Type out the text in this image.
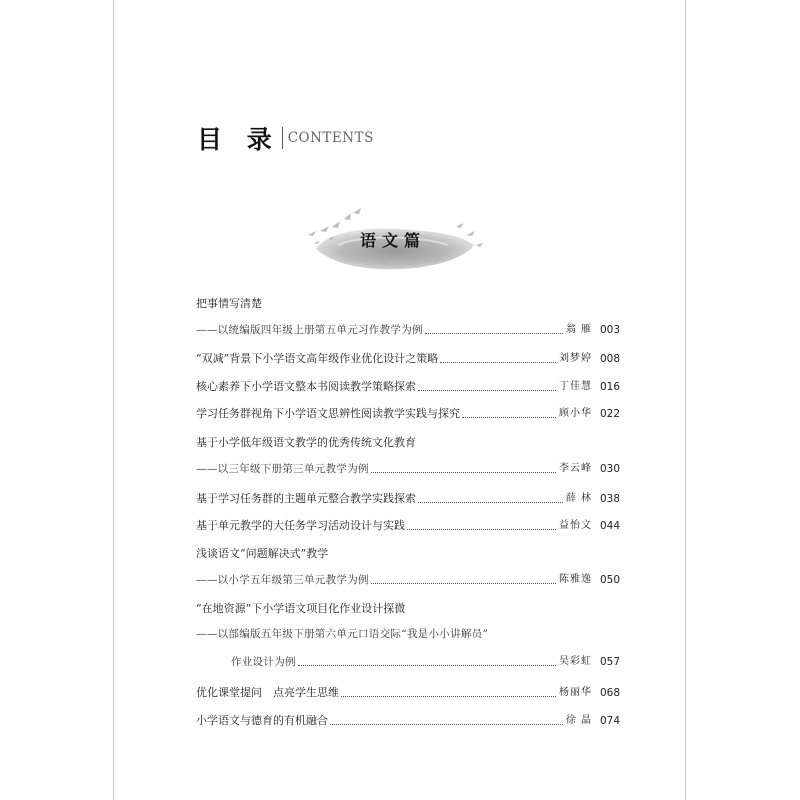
目 录 CONTENTS
语文篇
把事情写清楚
——以统编版四年级上册第五单元习作教学为例	翁 雁 003
“双减”背景下小学语文高年级作业优化设计之策略	刘梦婷 008
核心素养下小学语文整本书阅读教学策略探索	丁佳慧 016
学习任务群视角下小学语文思辨性阅读教学实践与探究	顾小华 022
基于小学低年级语文教学的优秀传统文化教育
——以三年级下册第三单元教学为例	李云峰 030
基于学习任务群的主题单元整合教学实践探索	薛 林 038
基于单元教学的大任务学习活动设计与实践	益怡文 044
浅谈语文“问题解决式”教学
——以小学五年级第三单元教学为例	陈雅逸 050
“在地资源”下小学语文项目化作业设计探微
——以部编版五年级下册第六单元口语交际“我是小小讲解员”
作业设计为例	吴彩虹 057
优化课堂提问　点亮学生思维	杨丽华 068
小学语文与德育的有机融合	徐 晶 074
